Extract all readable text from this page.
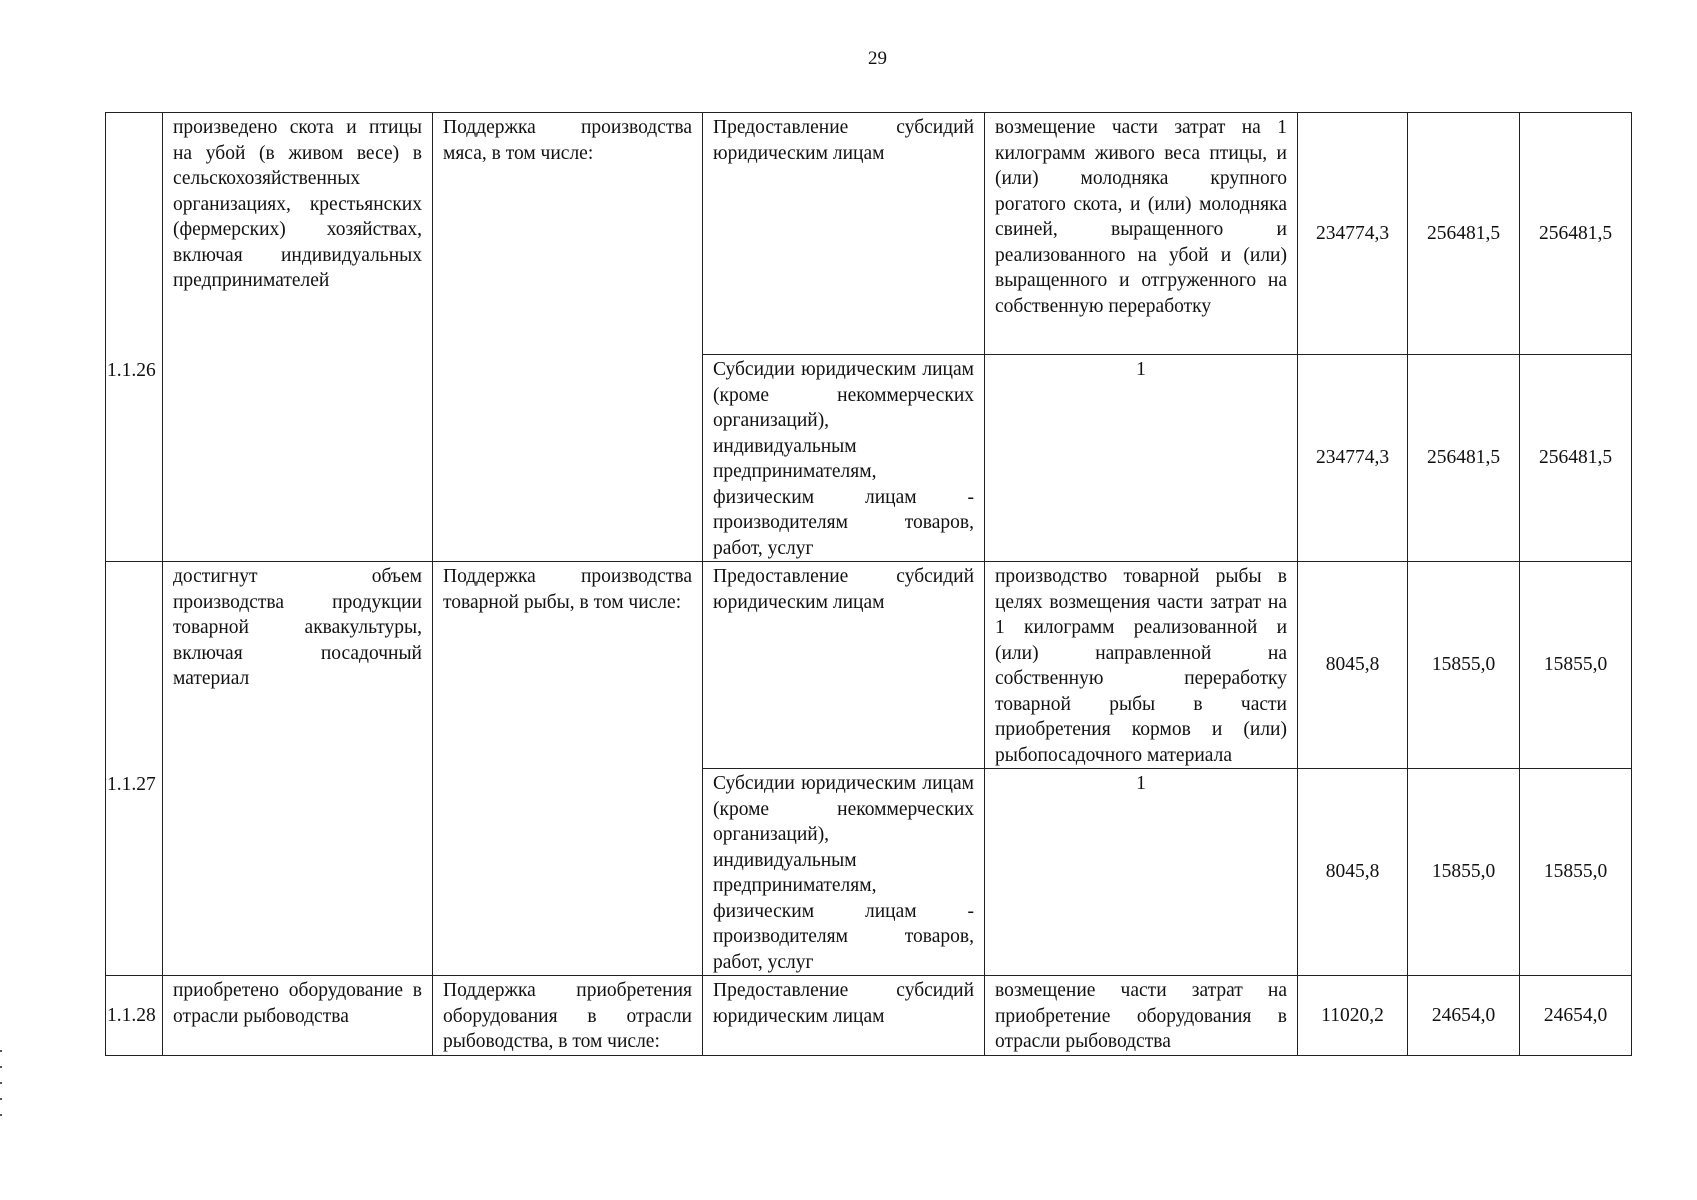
29
1.1.26	произведено скота и птицы на убой (в живом весе) в сельскохозяйственных организациях, крестьянских (фермерских) хозяйствах, включая индивидуальных предпринимателей	Поддержка производства мяса, в том числе:	Предоставление субсидий юридическим лицам	возмещение части затрат на 1 килограмм живого веса птицы, и (или) молодняка крупного рогатого скота, и (или) молодняка свиней, выращенного и реализованного на убой и (или) выращенного и отгруженного на собственную переработку	234774,3	256481,5	256481,5
			Субсидии юридическим лицам (кроме некоммерческих организаций), индивидуальным предпринимателям, физическим лицам - производителям товаров, работ, услуг	1	234774,3	256481,5	256481,5
1.1.27	достигнут объем производства продукции товарной аквакультуры, включая посадочный материал	Поддержка производства товарной рыбы, в том числе:	Предоставление субсидий юридическим лицам	производство товарной рыбы в целях возмещения части затрат на 1 килограмм реализованной и (или) направленной на собственную переработку товарной рыбы в части приобретения кормов и (или) рыбопосадочного материала	8045,8	15855,0	15855,0
			Субсидии юридическим лицам (кроме некоммерческих организаций), индивидуальным предпринимателям, физическим лицам - производителям товаров, работ, услуг	1	8045,8	15855,0	15855,0
1.1.28	приобретено оборудование в отрасли рыбоводства	Поддержка приобретения оборудования в отрасли рыбоводства, в том числе:	Предоставление субсидий юридическим лицам	возмещение части затрат на приобретение оборудования в отрасли рыбоводства	11020,2	24654,0	24654,0
